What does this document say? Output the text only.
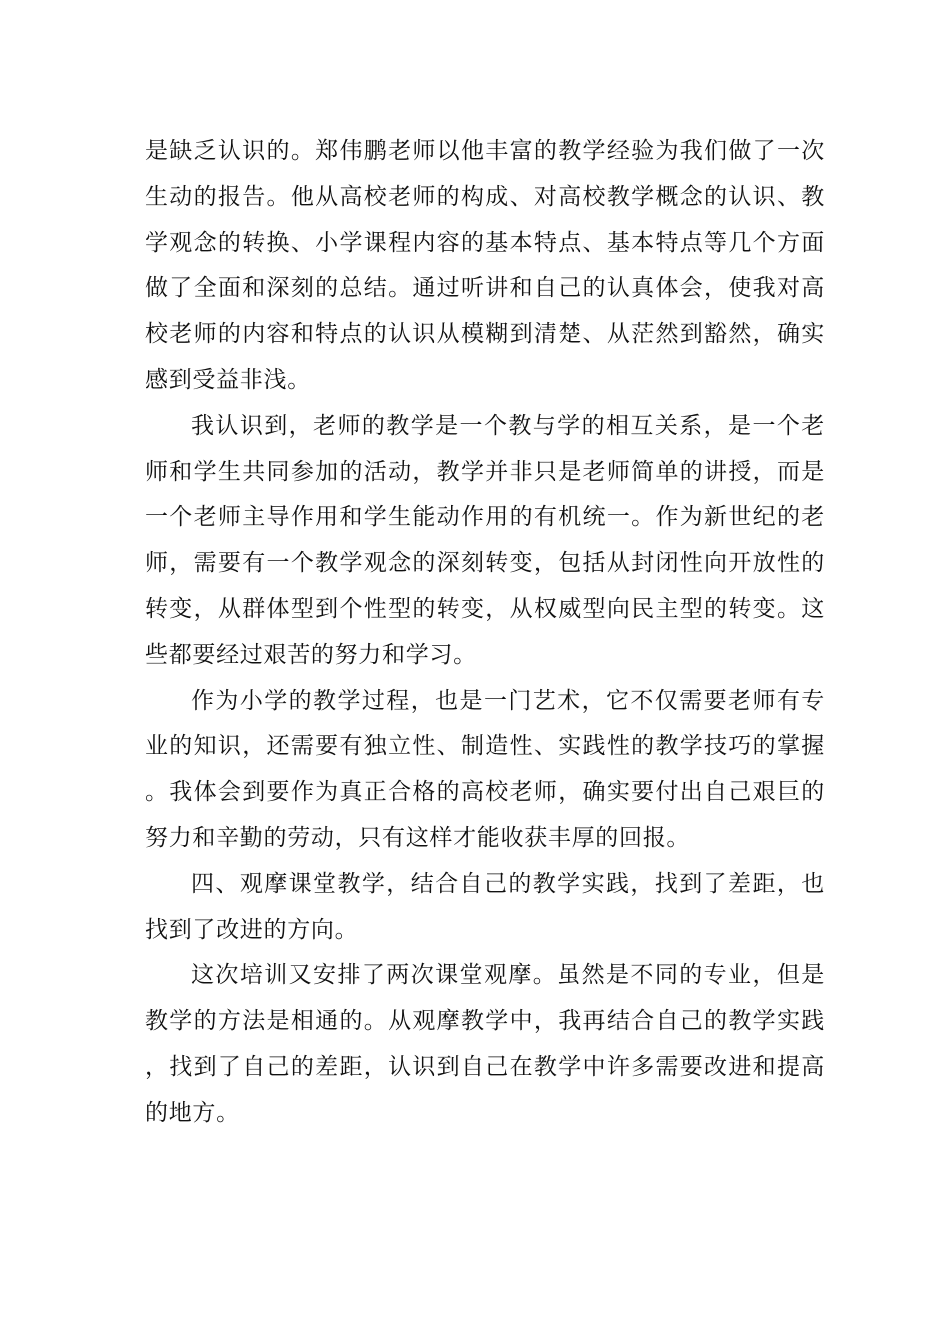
是缺乏认识的。郑伟鹏老师以他丰富的教学经验为我们做了一次生动的报告。他从高校老师的构成、对高校教学概念的认识、教学观念的转换、小学课程内容的基本特点、基本特点等几个方面做了全面和深刻的总结。通过听讲和自己的认真体会，使我对高校老师的内容和特点的认识从模糊到清楚、从茫然到豁然，确实感到受益非浅。

我认识到，老师的教学是一个教与学的相互关系，是一个老师和学生共同参加的活动，教学并非只是老师简单的讲授，而是一个老师主导作用和学生能动作用的有机统一。作为新世纪的老师，需要有一个教学观念的深刻转变，包括从封闭性向开放性的转变，从群体型到个性型的转变，从权威型向民主型的转变。这些都要经过艰苦的努力和学习。

作为小学的教学过程，也是一门艺术，它不仅需要老师有专业的知识，还需要有独立性、制造性、实践性的教学技巧的掌握。我体会到要作为真正合格的高校老师，确实要付出自己艰巨的努力和辛勤的劳动，只有这样才能收获丰厚的回报。

四、观摩课堂教学，结合自己的教学实践，找到了差距，也找到了改进的方向。

这次培训又安排了两次课堂观摩。虽然是不同的专业，但是教学的方法是相通的。从观摩教学中，我再结合自己的教学实践，找到了自己的差距，认识到自己在教学中许多需要改进和提高的地方。
